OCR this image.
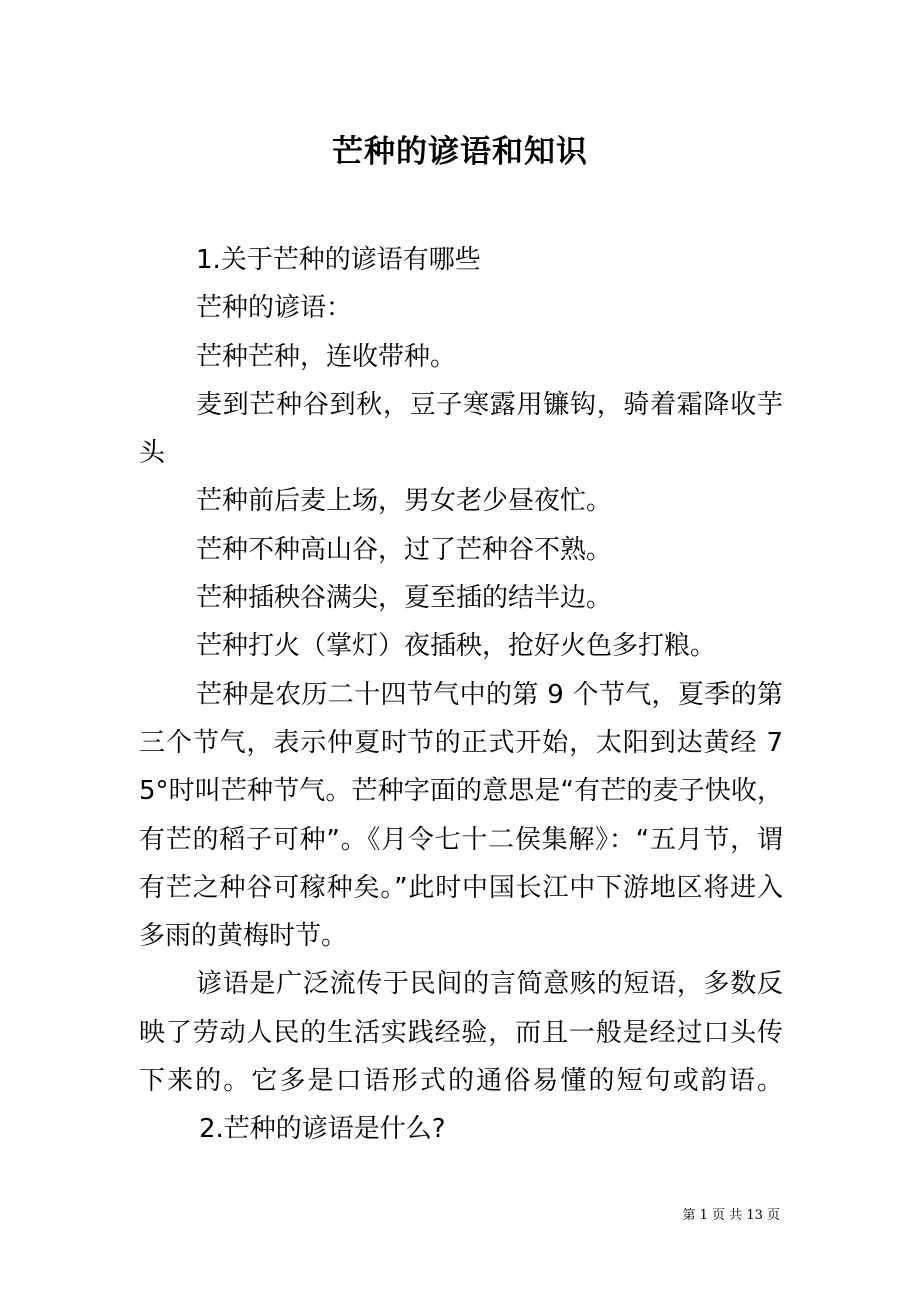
芒种的谚语和知识

1.关于芒种的谚语有哪些

芒种的谚语：

芒种芒种，连收带种。

麦到芒种谷到秋，豆子寒露用镰钩，骑着霜降收芋头

芒种前后麦上场，男女老少昼夜忙。

芒种不种高山谷，过了芒种谷不熟。

芒种插秧谷满尖，夏至插的结半边。

芒种打火（掌灯）夜插秧，抢好火色多打粮。

芒种是农历二十四节气中的第 9 个节气，夏季的第三个节气，表示仲夏时节的正式开始，太阳到达黄经 75°时叫芒种节气。芒种字面的意思是“有芒的麦子快收，有芒的稻子可种”。《月令七十二侯集解》：“五月节，谓有芒之种谷可稼种矣。”此时中国长江中下游地区将进入多雨的黄梅时节。

谚语是广泛流传于民间的言简意赅的短语，多数反映了劳动人民的生活实践经验，而且一般是经过口头传下来的。它多是口语形式的通俗易懂的短句或韵语。2.芒种的谚语是什么?

第 1 页 共 13 页
